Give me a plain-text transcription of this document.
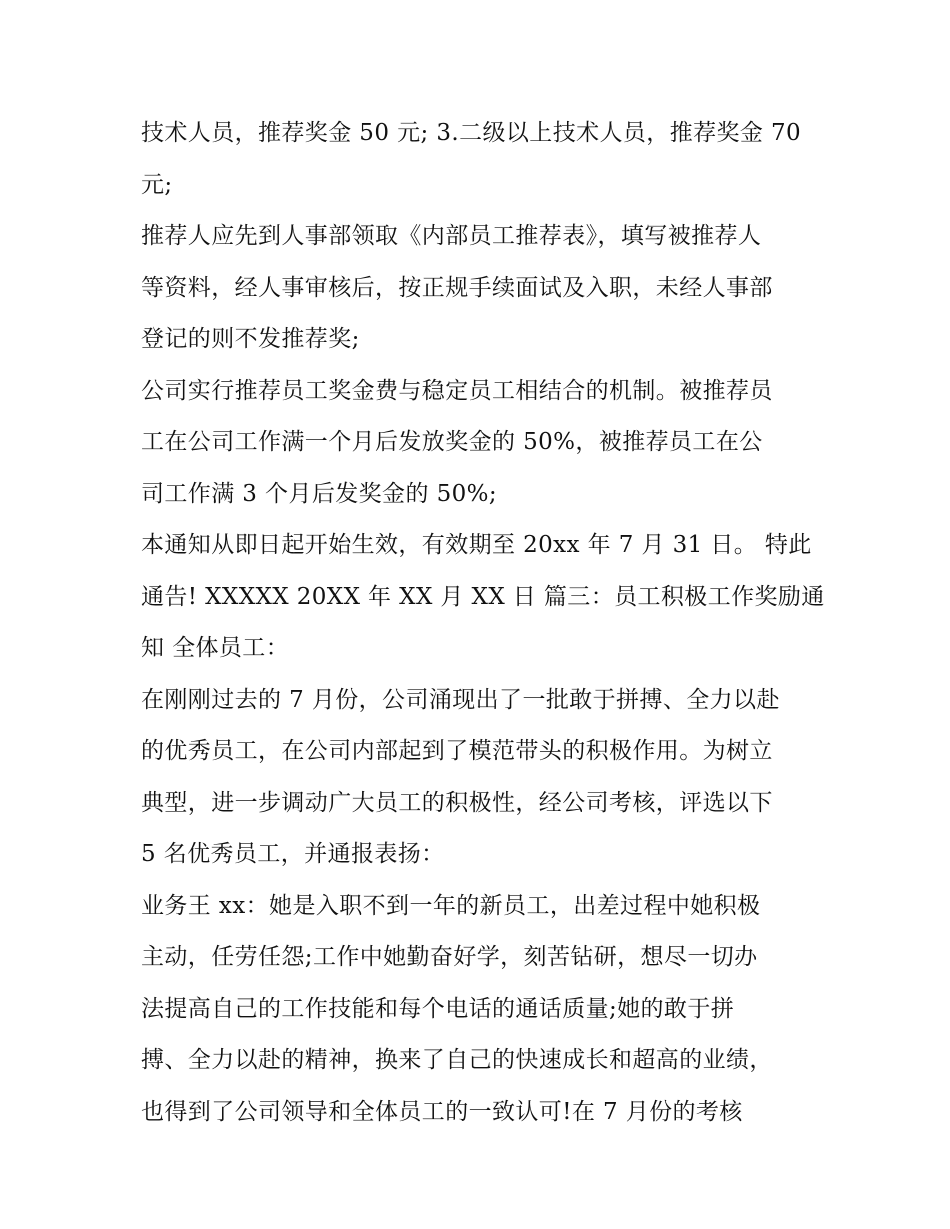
技术人员，推荐奖金 50 元; 3.二级以上技术人员，推荐奖金 70
元;
推荐人应先到人事部领取《内部员工推荐表》，填写被推荐人
等资料，经人事审核后，按正规手续面试及入职，未经人事部
登记的则不发推荐奖;
公司实行推荐员工奖金费与稳定员工相结合的机制。被推荐员
工在公司工作满一个月后发放奖金的 50%，被推荐员工在公
司工作满 3 个月后发奖金的 50%;
本通知从即日起开始生效，有效期至 20xx 年 7 月 31 日。 特此
通告! XXXXX 20XX 年 XX 月 XX 日 篇三：员工积极工作奖励通
知 全体员工：
在刚刚过去的 7 月份，公司涌现出了一批敢于拼搏、全力以赴
的优秀员工，在公司内部起到了模范带头的积极作用。为树立
典型，进一步调动广大员工的积极性，经公司考核，评选以下
5 名优秀员工，并通报表扬：
业务王 xx：她是入职不到一年的新员工，出差过程中她积极
主动，任劳任怨;工作中她勤奋好学，刻苦钻研，想尽一切办
法提高自己的工作技能和每个电话的通话质量;她的敢于拼
搏、全力以赴的精神，换来了自己的快速成长和超高的业绩，
也得到了公司领导和全体员工的一致认可!在 7 月份的考核
